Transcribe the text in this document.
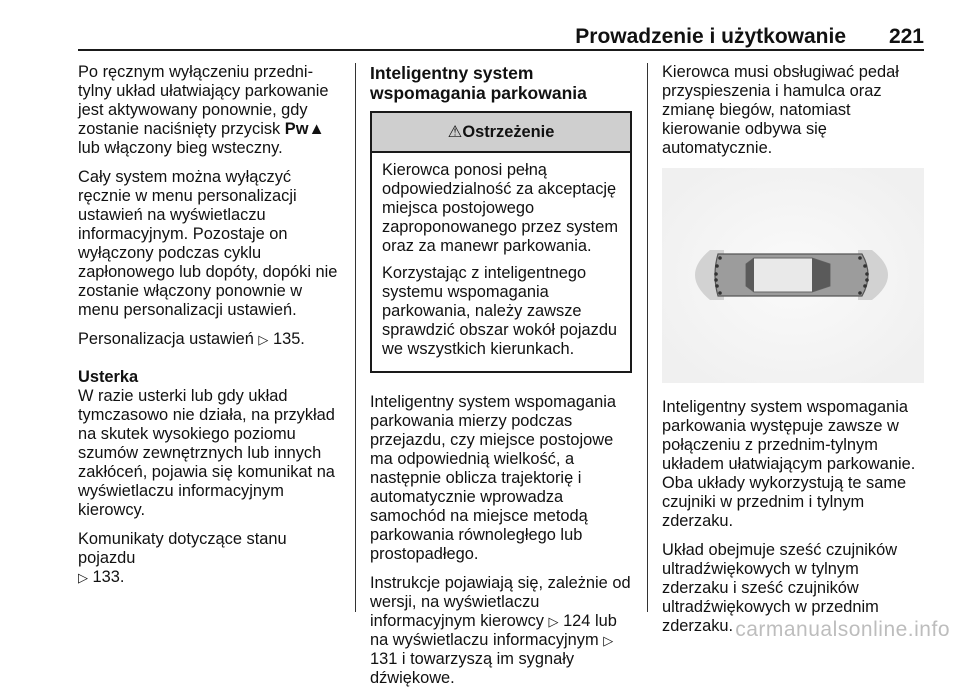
Prowadzenie i użytkowanie 221

Po ręcznym wyłączeniu przedni-tylny układ ułatwiający parkowanie jest aktywowany ponownie, gdy zostanie naciśnięty przycisk Pᴡ▲ lub włączony bieg wsteczny.

Cały system można wyłączyć ręcznie w menu personalizacji ustawień na wyświetlaczu informacyjnym. Pozostaje on wyłączony podczas cyklu zapłonowego lub dopóty, dopóki nie zostanie włączony ponownie w menu personalizacji ustawień.

Personalizacja ustawień ▷ 135.

Usterka

W razie usterki lub gdy układ tymczasowo nie działa, na przykład na skutek wysokiego poziomu szumów zewnętrznych lub innych zakłóceń, pojawia się komunikat na wyświetlaczu informacyjnym kierowcy.

Komunikaty dotyczące stanu pojazdu
▷ 133.

Inteligentny system wspomagania parkowania
⚠Ostrzeżenie

Kierowca ponosi pełną odpowiedzialność za akceptację miejsca postojowego zaproponowanego przez system oraz za manewr parkowania.

Korzystając z inteligentnego systemu wspomagania parkowania, należy zawsze sprawdzić obszar wokół pojazdu we wszystkich kierunkach.

Inteligentny system wspomagania parkowania mierzy podczas przejazdu, czy miejsce postojowe ma odpowiednią wielkość, a następnie oblicza trajektorię i automatycznie wprowadza samochód na miejsce metodą parkowania równoległego lub prostopadłego.

Instrukcje pojawiają się, zależnie od wersji, na wyświetlaczu informacyjnym kierowcy ▷ 124 lub na wyświetlaczu informacyjnym ▷ 131 i towarzyszą im sygnały dźwiękowe.

Kierowca musi obsługiwać pedał przyspieszenia i hamulca oraz zmianę biegów, natomiast kierowanie odbywa się automatycznie.

Inteligentny system wspomagania parkowania występuje zawsze w połączeniu z przednim-tylnym układem ułatwiającym parkowanie. Oba układy wykorzystują te same czujniki w przednim i tylnym zderzaku.

Układ obejmuje sześć czujników ultradźwiękowych w tylnym zderzaku i sześć czujników ultradźwiękowych w przednim zderzaku. carmanualsonline.info
